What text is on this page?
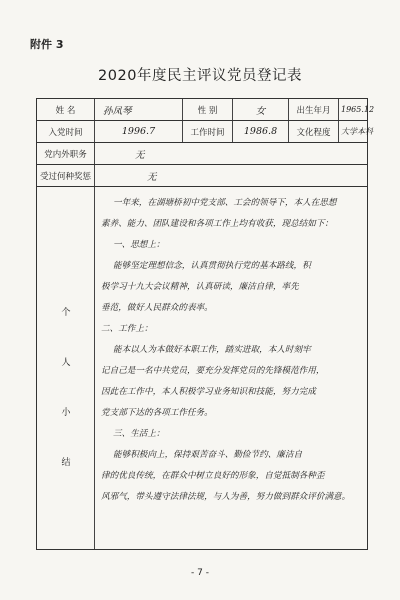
附件 3
2020年度民主评议党员登记表
姓 名	孙凤琴	性 别	女	出生年月	1965.12
入党时间	1996.7	工作时间	1986.8	文化程度	大学本科
党内外职务	无
受过何种奖惩	无
个
人
小
结
一年来，在湖塘桥初中党支部、工会的领导下，本人在思想
素养、能力、团队建设和各项工作上均有收获，现总结如下：
一、思想上：
能够坚定理想信念，认真贯彻执行党的基本路线，积
极学习十九大会议精神，认真研读，廉洁自律，率先
垂范，做好人民群众的表率。
二、工作上：
能本以人为本做好本职工作，踏实进取，本人时刻牢
记自己是一名中共党员，要充分发挥党员的先锋模范作用，
因此在工作中，本人积极学习业务知识和技能，努力完成
党支部下达的各项工作任务。
三、生活上：
能够积极向上，保持艰苦奋斗、勤俭节约、廉洁自
律的优良传统，在群众中树立良好的形象，自觉抵制各种歪
风邪气，带头遵守法律法规，与人为善，努力做到群众评价满意。
- 7 -
